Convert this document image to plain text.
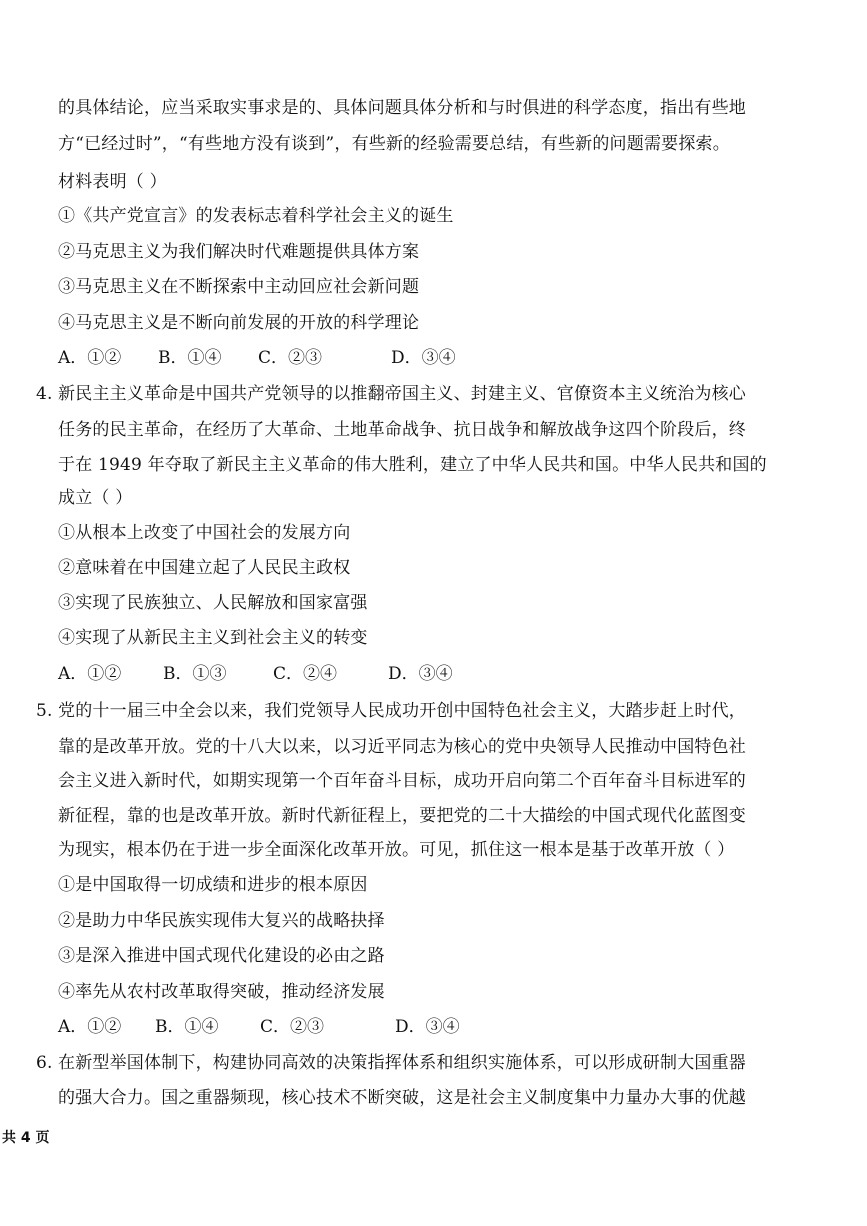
的具体结论，应当采取实事求是的、具体问题具体分析和与时俱进的科学态度，指出有些地
方“已经过时”，“有些地方没有谈到”，有些新的经验需要总结，有些新的问题需要探索。
材料表明（ ）
①《共产党宣言》的发表标志着科学社会主义的诞生
②马克思主义为我们解决时代难题提供具体方案
③马克思主义在不断探索中主动回应社会新问题
④马克思主义是不断向前发展的开放的科学理论
A．①② B．①④ C．②③	D．③④
4. 新民主主义革命是中国共产党领导的以推翻帝国主义、封建主义、官僚资本主义统治为核心
任务的民主革命，在经历了大革命、土地革命战争、抗日战争和解放战争这四个阶段后，终
于在 1949 年夺取了新民主主义革命的伟大胜利，建立了中华人民共和国。中华人民共和国的
成立（ ）
①从根本上改变了中国社会的发展方向
②意味着在中国建立起了人民民主政权
③实现了民族独立、人民解放和国家富强
④实现了从新民主主义到社会主义的转变
A．①② B．①③	C．②④	D．③④
5. 党的十一届三中全会以来，我们党领导人民成功开创中国特色社会主义，大踏步赶上时代，
靠的是改革开放。党的十八大以来，以习近平同志为核心的党中央领导人民推动中国特色社
会主义进入新时代，如期实现第一个百年奋斗目标，成功开启向第二个百年奋斗目标进军的
新征程，靠的也是改革开放。新时代新征程上，要把党的二十大描绘的中国式现代化蓝图变
为现实，根本仍在于进一步全面深化改革开放。可见，抓住这一根本是基于改革开放（ ）
①是中国取得一切成绩和进步的根本原因
②是助力中华民族实现伟大复兴的战略抉择
③是深入推进中国式现代化建设的必由之路
④率先从农村改革取得突破，推动经济发展
A．①② B．①④ C．②③	D．③④
6. 在新型举国体制下，构建协同高效的决策指挥体系和组织实施体系，可以形成研制大国重器
的强大合力。国之重器频现，核心技术不断突破，这是社会主义制度集中力量办大事的优越
共 4 页
